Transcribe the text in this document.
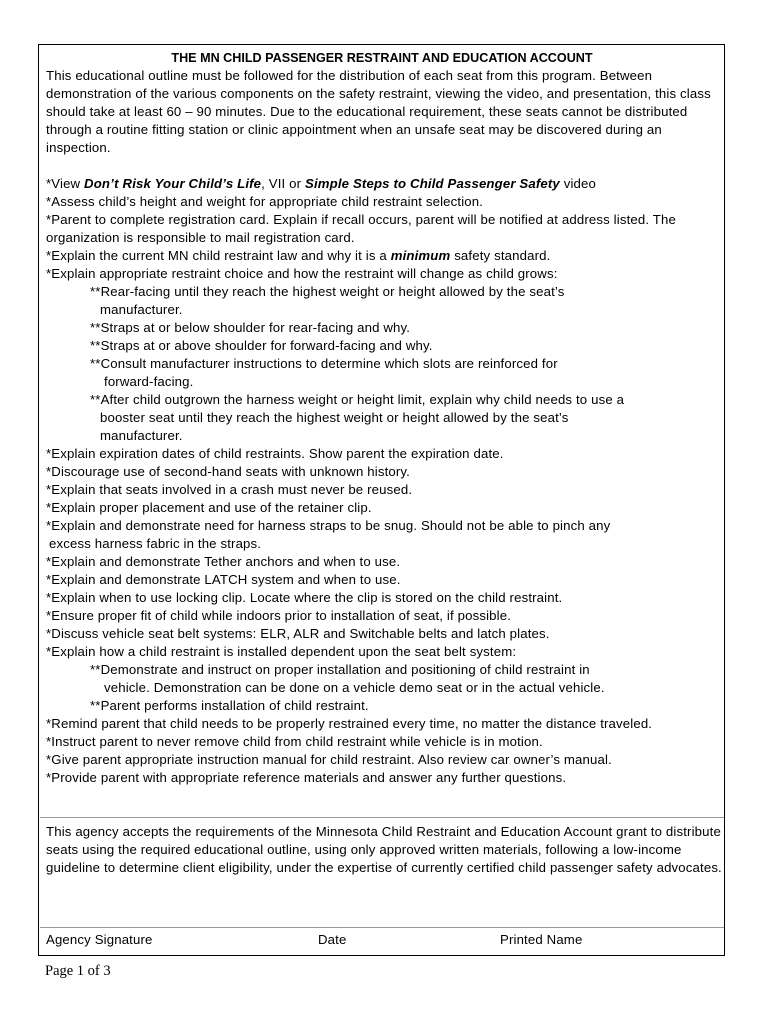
THE MN CHILD PASSENGER RESTRAINT AND EDUCATION ACCOUNT
This educational outline must be followed for the distribution of each seat from this program. Between demonstration of the various components on the safety restraint, viewing the video, and presentation, this class should take at least 60 – 90 minutes. Due to the educational requirement, these seats cannot be distributed through a routine fitting station or clinic appointment when an unsafe seat may be discovered during an inspection.
*View Don’t Risk Your Child’s Life, VII or Simple Steps to Child Passenger Safety video
*Assess child’s height and weight for appropriate child restraint selection.
*Parent to complete registration card. Explain if recall occurs, parent will be notified at address listed. The organization is responsible to mail registration card.
*Explain the current MN child restraint law and why it is a minimum safety standard.
*Explain appropriate restraint choice and how the restraint will change as child grows:
**Rear-facing until they reach the highest weight or height allowed by the seat’s
manufacturer.
**Straps at or below shoulder for rear-facing and why.
**Straps at or above shoulder for forward-facing and why.
**Consult manufacturer instructions to determine which slots are reinforced for
forward-facing.
**After child outgrown the harness weight or height limit, explain why child needs to use a
booster seat until they reach the highest weight or height allowed by the seat’s
manufacturer.
*Explain expiration dates of child restraints. Show parent the expiration date.
*Discourage use of second-hand seats with unknown history.
*Explain that seats involved in a crash must never be reused.
*Explain proper placement and use of the retainer clip.
*Explain and demonstrate need for harness straps to be snug. Should not be able to pinch any
excess harness fabric in the straps.
*Explain and demonstrate Tether anchors and when to use.
*Explain and demonstrate LATCH system and when to use.
*Explain when to use locking clip. Locate where the clip is stored on the child restraint.
*Ensure proper fit of child while indoors prior to installation of seat, if possible.
*Discuss vehicle seat belt systems: ELR, ALR and Switchable belts and latch plates.
*Explain how a child restraint is installed dependent upon the seat belt system:
**Demonstrate and instruct on proper installation and positioning of child restraint in
vehicle. Demonstration can be done on a vehicle demo seat or in the actual vehicle.
**Parent performs installation of child restraint.
*Remind parent that child needs to be properly restrained every time, no matter the distance traveled.
*Instruct parent to never remove child from child restraint while vehicle is in motion.
*Give parent appropriate instruction manual for child restraint. Also review car owner’s manual.
*Provide parent with appropriate reference materials and answer any further questions.
This agency accepts the requirements of the Minnesota Child Restraint and Education Account grant to distribute seats using the required educational outline, using only approved written materials, following a low-income guideline to determine client eligibility, under the expertise of currently certified child passenger safety advocates.
Agency Signature	Date	Printed Name
Page 1 of 3
